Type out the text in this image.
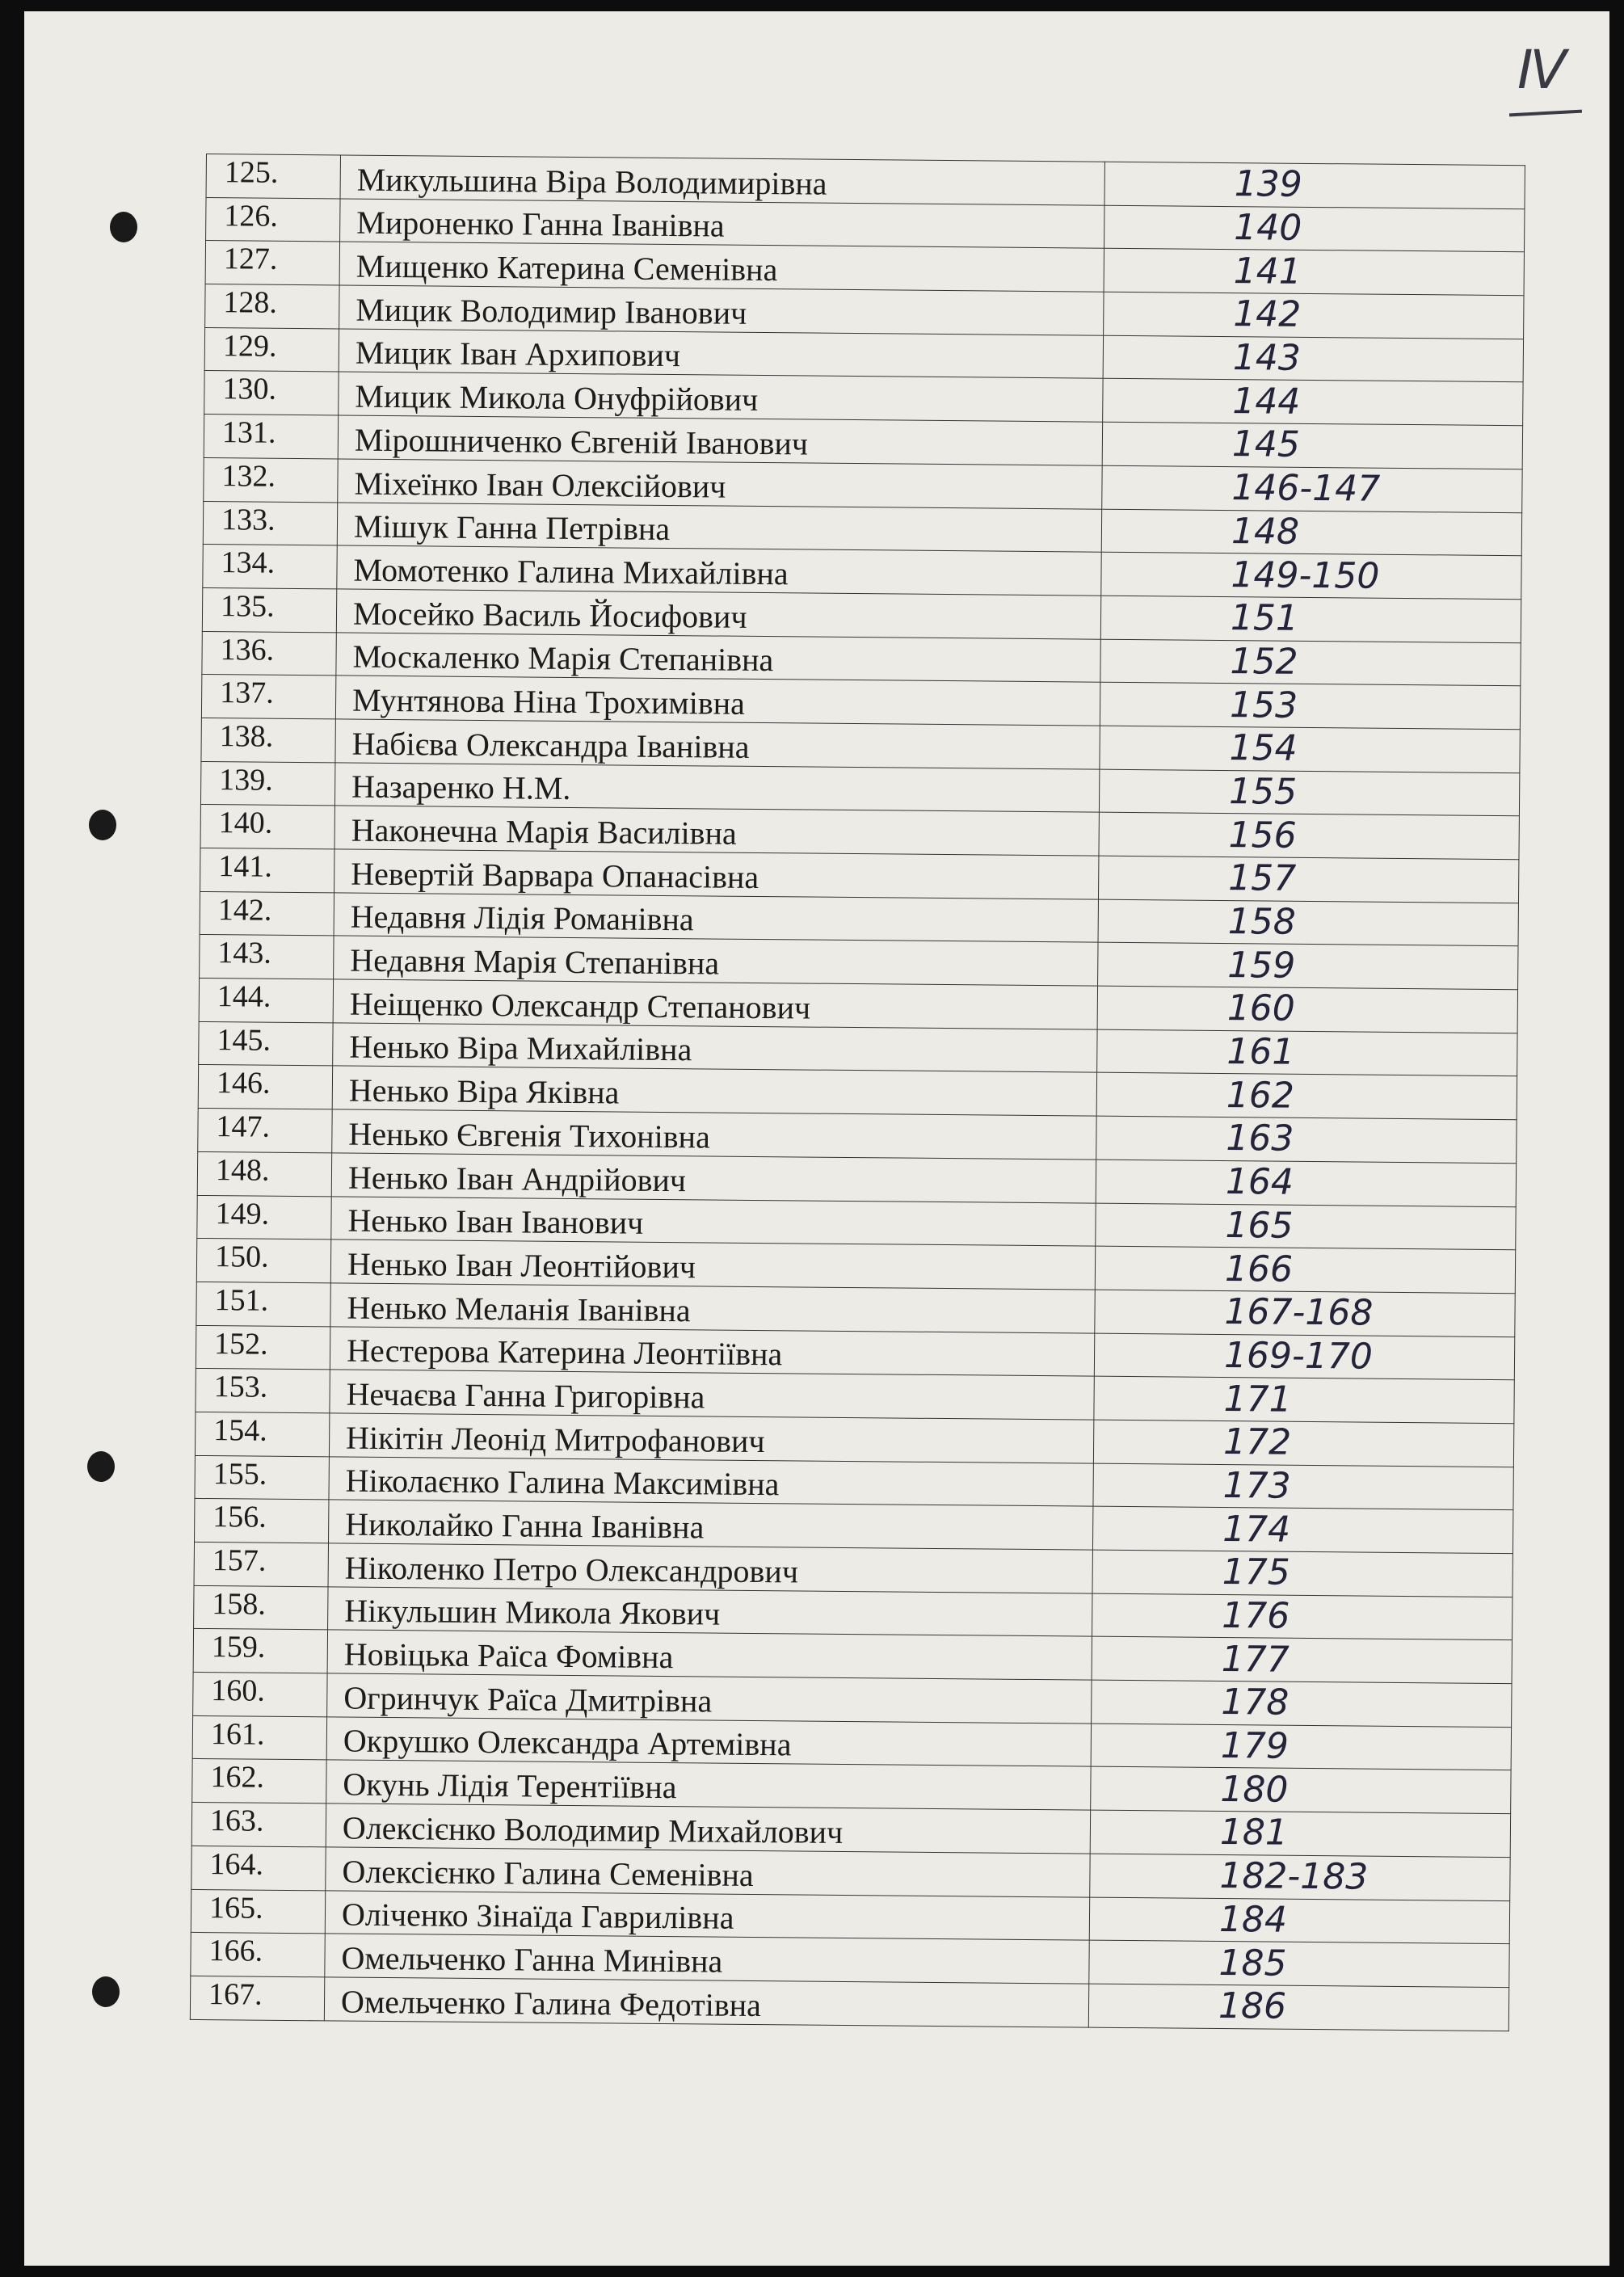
IV
125.	Микульшина Віра Володимирівна	139
126.	Мироненко Ганна Іванівна	140
127.	Мищенко Катерина Семенівна	141
128.	Мицик Володимир Іванович	142
129.	Мицик Іван Архипович	143
130.	Мицик Микола Онуфрійович	144
131.	Мірошниченко Євгеній Іванович	145
132.	Міхеїнко Іван Олексійович	146-147
133.	Мішук Ганна Петрівна	148
134.	Момотенко Галина Михайлівна	149-150
135.	Мосейко Василь Йосифович	151
136.	Москаленко Марія Степанівна	152
137.	Мунтянова Ніна Трохимівна	153
138.	Набієва Олександра Іванівна	154
139.	Назаренко Н.М.	155
140.	Наконечна Марія Василівна	156
141.	Невертій Варвара Опанасівна	157
142.	Недавня Лідія Романівна	158
143.	Недавня Марія Степанівна	159
144.	Неіщенко Олександр Степанович	160
145.	Ненько Віра Михайлівна	161
146.	Ненько Віра Яківна	162
147.	Ненько Євгенія Тихонівна	163
148.	Ненько Іван Андрійович	164
149.	Ненько Іван Іванович	165
150.	Ненько Іван Леонтійович	166
151.	Ненько Меланія Іванівна	167-168
152.	Нестерова Катерина Леонтіївна	169-170
153.	Нечаєва Ганна Григорівна	171
154.	Нікітін Леонід Митрофанович	172
155.	Ніколаєнко Галина Максимівна	173
156.	Николайко Ганна Іванівна	174
157.	Ніколенко Петро Олександрович	175
158.	Нікульшин Микола Якович	176
159.	Новіцька Раїса Фомівна	177
160.	Огринчук Раїса Дмитрівна	178
161.	Окрушко Олександра Артемівна	179
162.	Окунь Лідія Терентіївна	180
163.	Олексієнко Володимир Михайлович	181
164.	Олексієнко Галина Семенівна	182-183
165.	Оліченко Зінаїда Гаврилівна	184
166.	Омельченко Ганна Минівна	185
167.	Омельченко Галина Федотівна	186
